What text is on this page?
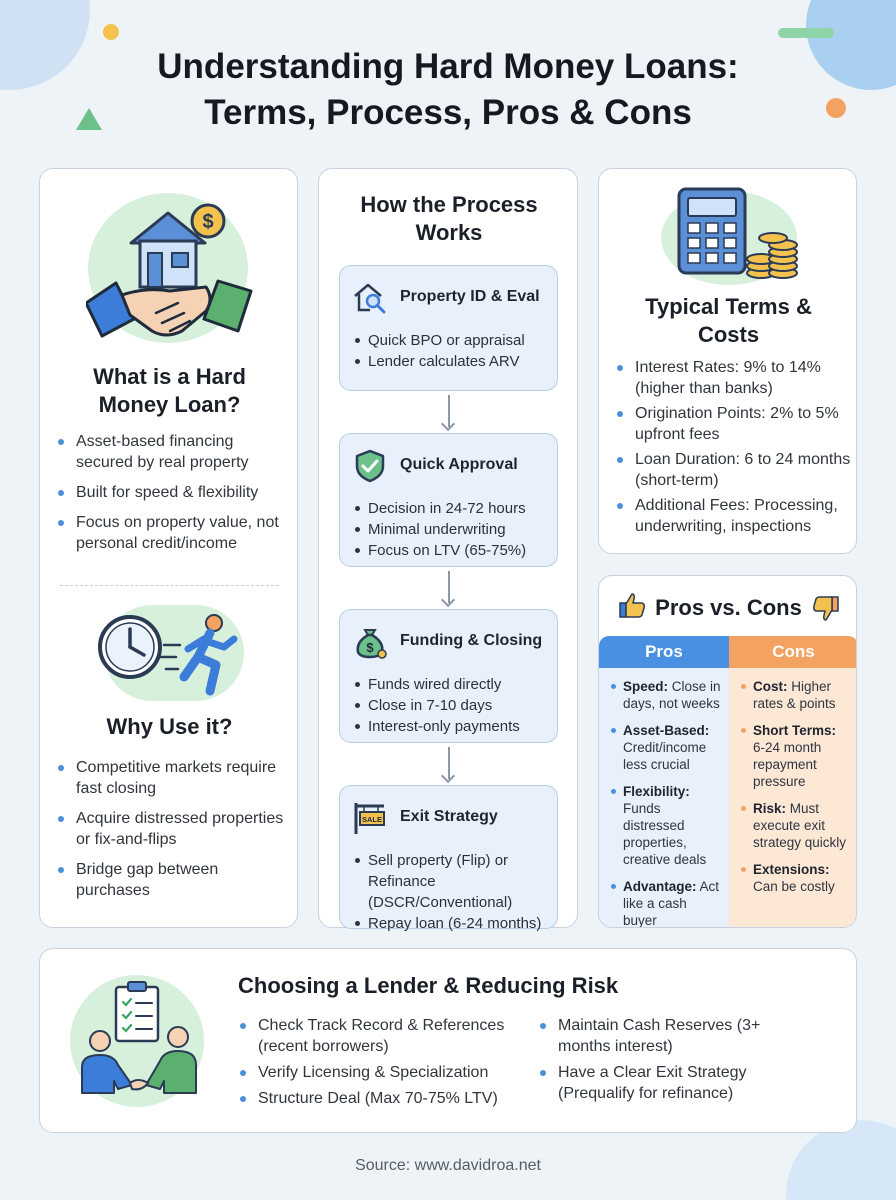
Understanding Hard Money Loans:
Terms, Process, Pros & Cons
$
What is a Hard
Money Loan?
Asset-based financing secured by real property
Built for speed & flexibility
Focus on property value, not personal credit/income
Why Use it?
Competitive markets require fast closing
Acquire distressed properties or fix-and-flips
Bridge gap between purchases
How the Process
Works
Property ID & Eval
Quick BPO or appraisal
Lender calculates ARV
Quick Approval
Decision in 24-72 hours
Minimal underwriting
Focus on LTV (65-75%)
$ Funding & Closing
Funds wired directly
Close in 7-10 days
Interest-only payments
SALE Exit Strategy
Sell property (Flip) or Refinance (DSCR/Conventional)
Repay loan (6-24 months)
Typical Terms &
Costs
Interest Rates: 9% to 14% (higher than banks)
Origination Points: 2% to 5% upfront fees
Loan Duration: 6 to 24 months (short-term)
Additional Fees: Processing, underwriting, inspections
Pros vs. Cons
Pros	Cons
Speed: Close in days, not weeks
Asset-Based: Credit/income less crucial
Flexibility: Funds distressed properties, creative deals
Advantage: Act like a cash buyer
Cost: Higher rates & points
Short Terms: 6-24 month repayment pressure
Risk: Must execute exit strategy quickly
Extensions: Can be costly
Choosing a Lender & Reducing Risk
Check Track Record & References (recent borrowers)
Verify Licensing & Specialization
Structure Deal (Max 70-75% LTV)
Maintain Cash Reserves (3+ months interest)
Have a Clear Exit Strategy (Prequalify for refinance)
Source: www.davidroa.net
